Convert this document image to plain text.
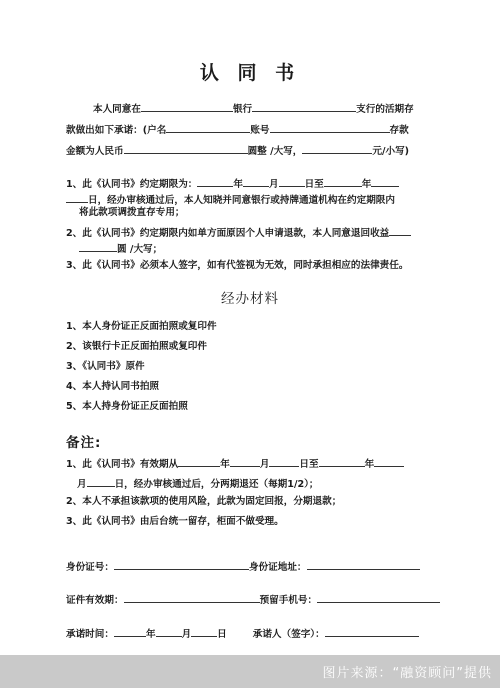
认 同 书
本人同意在	银行	支行的活期存
款做出如下承诺：(户名	账号	存款
金额为人民币	圆整 /大写，	元/小写)
1、此《认同书》约定期限为：	年	月	日至	年
日，经办审核通过后，本人知晓并同意银行或持牌通道机构在约定期限内
将此款项调拨直存专用；
2、此《认同书》约定期限内如单方面原因个人申请退款，本人同意退回收益
圆 /大写；
3、此《认同书》必须本人签字，如有代签视为无效，同时承担相应的法律责任。
经办材料
1、本人身份证正反面拍照或复印件
2、该银行卡正反面拍照或复印件
3、《认同书》原件
4、本人持认同书拍照
5、本人持身份证正反面拍照
备注:
1、此《认同书》有效期从	年	月	日至	年
月	日，经办审核通过后，分两期退还（每期1/2）；
2、本人不承担该款项的使用风险，此款为固定回报，分期退款；
3、此《认同书》由后台统一留存，柜面不做受理。
身份证号：	身份证地址：
证件有效期：	预留手机号：
承诺时间：	年	月	日	承诺人（签字）：
图片来源：“融资顾问”提供
